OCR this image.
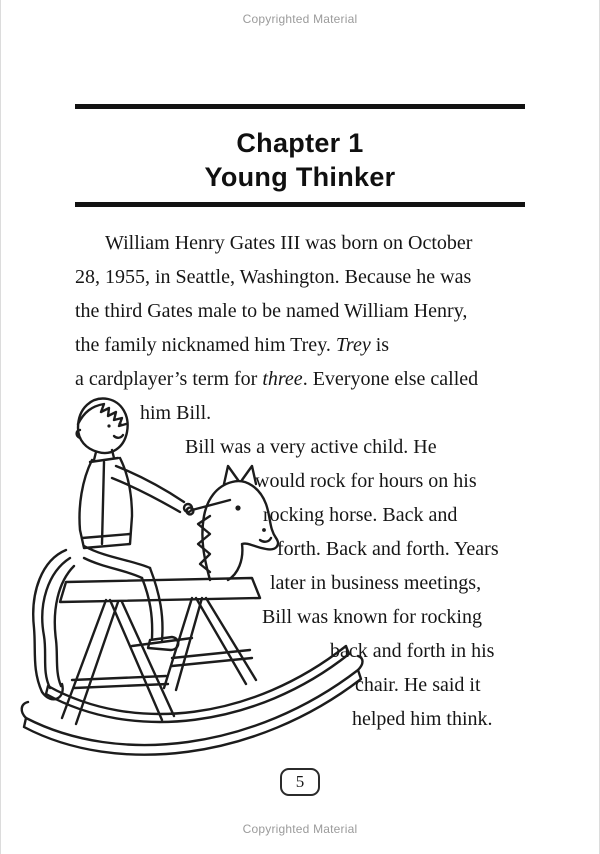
Copyrighted Material
Chapter 1
Young Thinker
William Henry Gates III was born on October
28, 1955, in Seattle, Washington. Because he was
the third Gates male to be named William Henry,
the family nicknamed him Trey. Trey is
a cardplayer’s term for three. Everyone else called
him Bill.
Bill was a very active child. He
would rock for hours on his
rocking horse. Back and
forth. Back and forth. Years
later in business meetings,
Bill was known for rocking
back and forth in his
chair. He said it
helped him think.
5
Copyrighted Material
